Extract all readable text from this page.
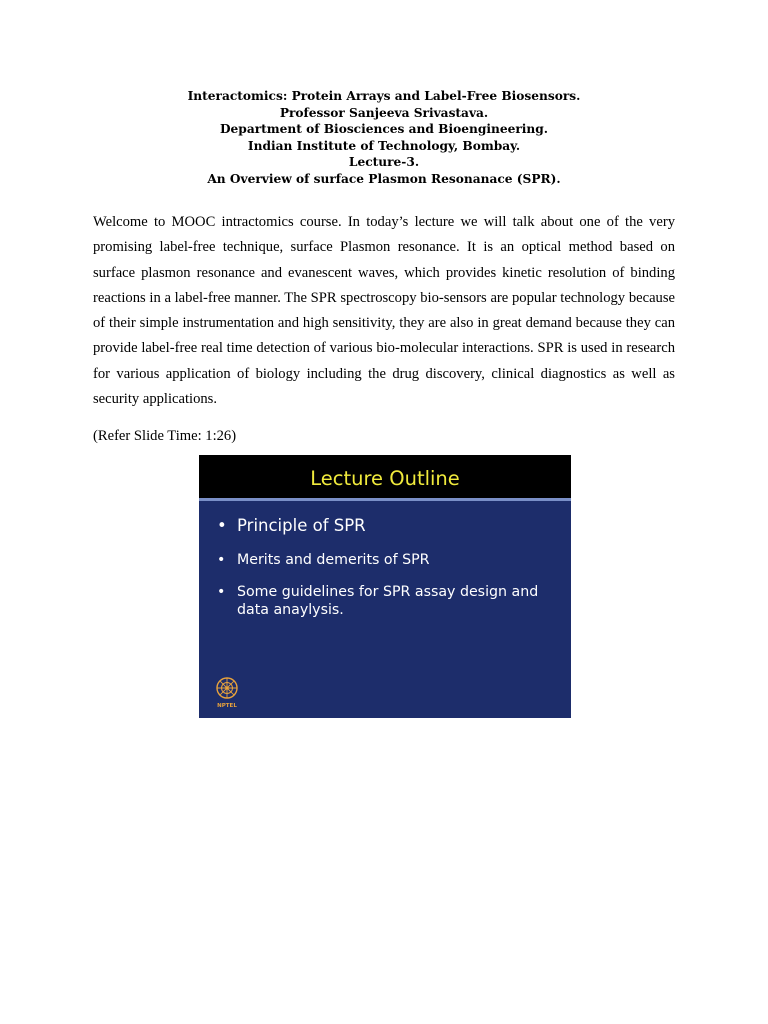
Interactomics: Protein Arrays and Label-Free Biosensors.
Professor Sanjeeva Srivastava.
Department of Biosciences and Bioengineering.
Indian Institute of Technology, Bombay.
Lecture-3.
An Overview of surface Plasmon Resonanace (SPR).

Welcome to MOOC intractomics course. In today’s lecture we will talk about one of the very promising label-free technique, surface Plasmon resonance. It is an optical method based on surface plasmon resonance and evanescent waves, which provides kinetic resolution of binding reactions in a label-free manner. The SPR spectroscopy bio-sensors are popular technology because of their simple instrumentation and high sensitivity, they are also in great demand because they can provide label-free real time detection of various bio-molecular interactions. SPR is used in research for various application of biology including the drug discovery, clinical diagnostics as well as security applications.

(Refer Slide Time: 1:26)

Lecture Outline
• Principle of SPR
• Merits and demerits of SPR
• Some guidelines for SPR assay design and data anaylysis.
NPTEL
